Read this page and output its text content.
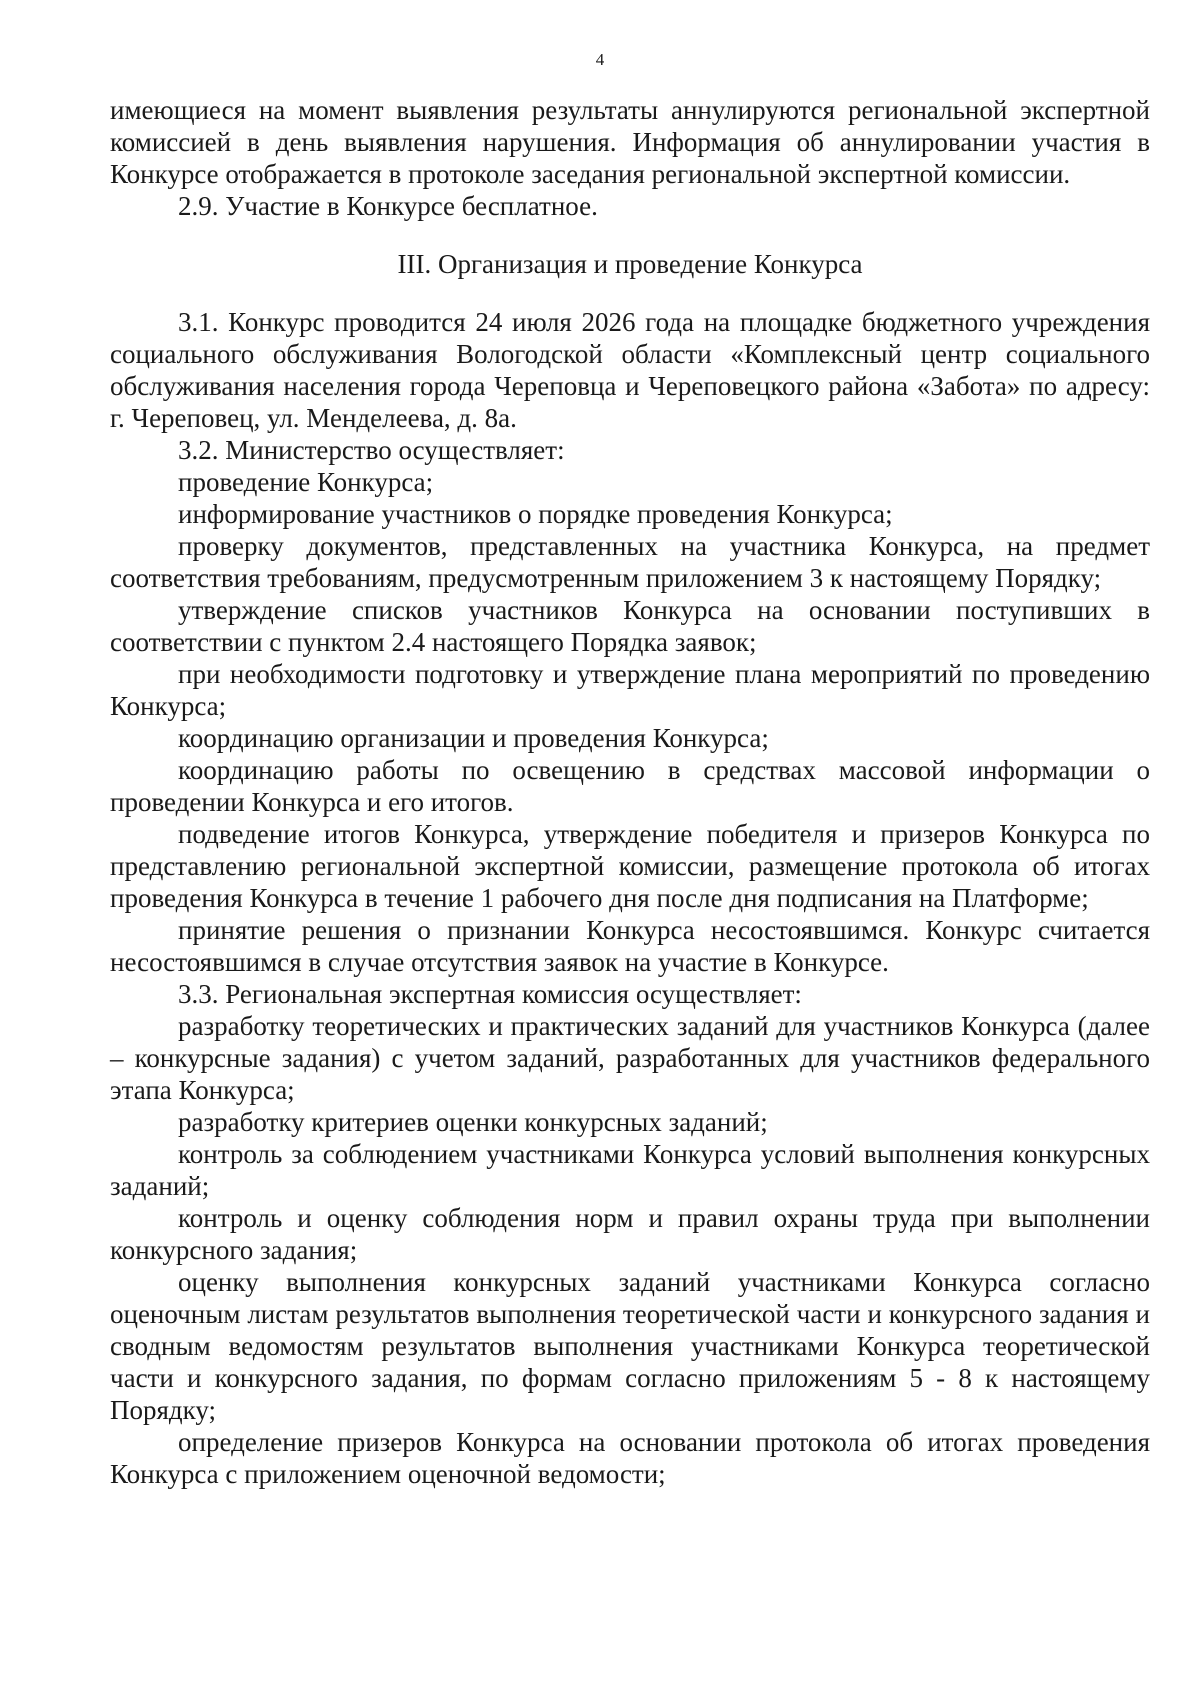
4

имеющиеся на момент выявления результаты аннулируются региональной экспертной комиссией в день выявления нарушения. Информация об аннулировании участия в Конкурсе отображается в протоколе заседания региональной экспертной комиссии.

2.9. Участие в Конкурсе бесплатное.

III. Организация и проведение Конкурса

3.1. Конкурс проводится 24 июля 2026 года на площадке бюджетного учреждения социального обслуживания Вологодской области «Комплексный центр социального обслуживания населения города Череповца и Череповецкого района «Забота» по адресу: г. Череповец, ул. Менделеева, д. 8а.

3.2. Министерство осуществляет:

проведение Конкурса;

информирование участников о порядке проведения Конкурса;

проверку документов, представленных на участника Конкурса, на предмет соответствия требованиям, предусмотренным приложением 3 к настоящему Порядку;

утверждение списков участников Конкурса на основании поступивших в соответствии с пунктом 2.4 настоящего Порядка заявок;

при необходимости подготовку и утверждение плана мероприятий по проведению Конкурса;

координацию организации и проведения Конкурса;

координацию работы по освещению в средствах массовой информации о проведении Конкурса и его итогов.

подведение итогов Конкурса, утверждение победителя и призеров Конкурса по представлению региональной экспертной комиссии, размещение протокола об итогах проведения Конкурса в течение 1 рабочего дня после дня подписания на Платформе;

принятие решения о признании Конкурса несостоявшимся. Конкурс считается несостоявшимся в случае отсутствия заявок на участие в Конкурсе.

3.3. Региональная экспертная комиссия осуществляет:

разработку теоретических и практических заданий для участников Конкурса (далее – конкурсные задания) с учетом заданий, разработанных для участников федерального этапа Конкурса;

разработку критериев оценки конкурсных заданий;

контроль за соблюдением участниками Конкурса условий выполнения конкурсных заданий;

контроль и оценку соблюдения норм и правил охраны труда при выполнении конкурсного задания;

оценку выполнения конкурсных заданий участниками Конкурса согласно оценочным листам результатов выполнения теоретической части и конкурсного задания и сводным ведомостям результатов выполнения участниками Конкурса теоретической части и конкурсного задания, по формам согласно приложениям 5 - 8 к настоящему Порядку;

определение призеров Конкурса на основании протокола об итогах проведения Конкурса с приложением оценочной ведомости;
